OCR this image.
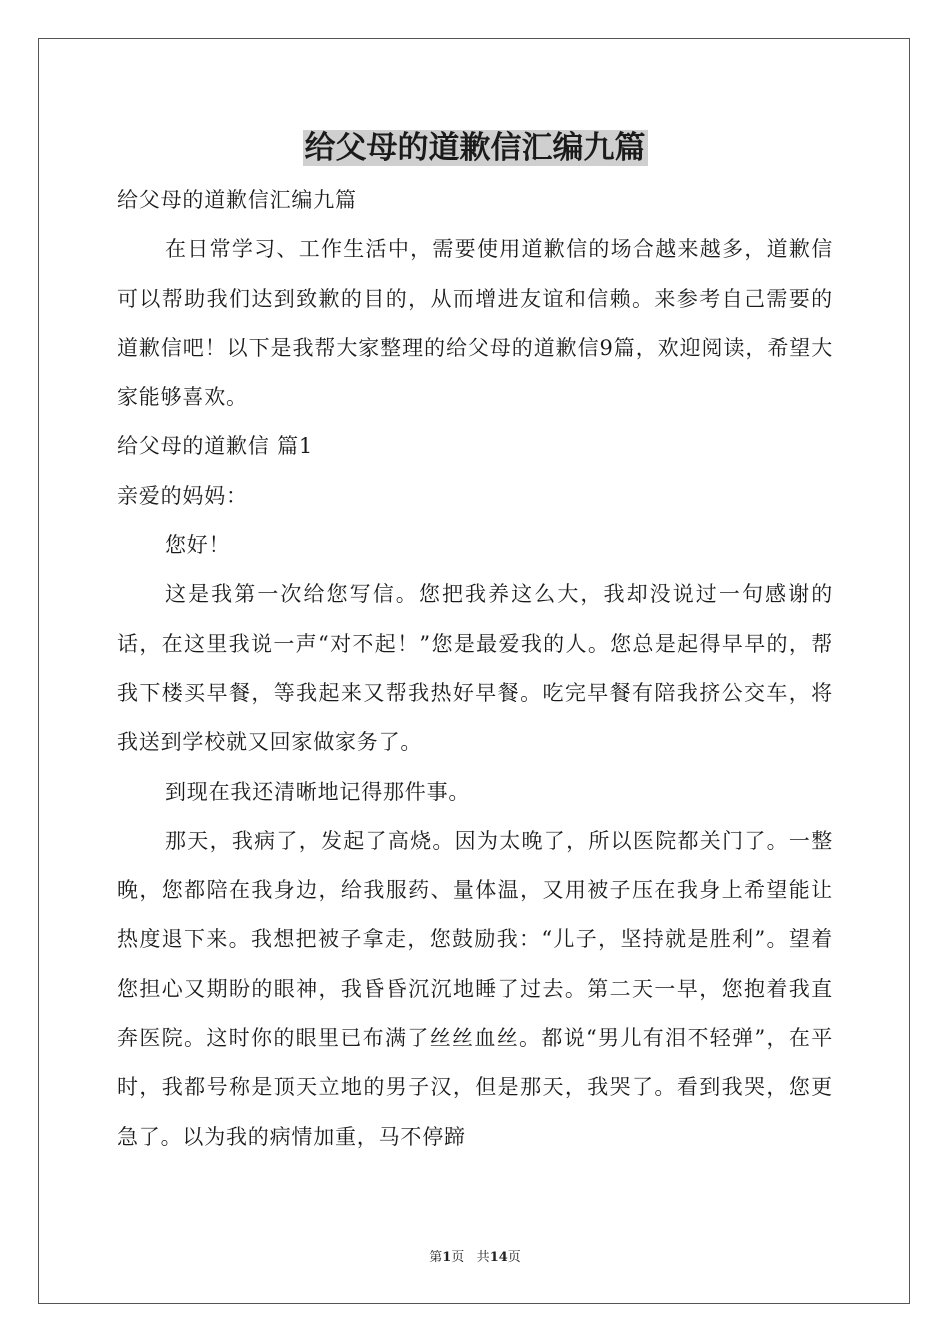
给父母的道歉信汇编九篇

给父母的道歉信汇编九篇

在日常学习、工作生活中，需要使用道歉信的场合越来越多，道歉信可以帮助我们达到致歉的目的，从而增进友谊和信赖。来参考自己需要的道歉信吧！以下是我帮大家整理的给父母的道歉信9篇，欢迎阅读，希望大家能够喜欢。

给父母的道歉信 篇1

亲爱的妈妈：

您好！

这是我第一次给您写信。您把我养这么大，我却没说过一句感谢的话，在这里我说一声“对不起！”您是最爱我的人。您总是起得早早的，帮我下楼买早餐，等我起来又帮我热好早餐。吃完早餐有陪我挤公交车，将我送到学校就又回家做家务了。

到现在我还清晰地记得那件事。

那天，我病了，发起了高烧。因为太晚了，所以医院都关门了。一整晚，您都陪在我身边，给我服药、量体温，又用被子压在我身上希望能让热度退下来。我想把被子拿走，您鼓励我：“儿子，坚持就是胜利”。望着您担心又期盼的眼神，我昏昏沉沉地睡了过去。第二天一早，您抱着我直奔医院。这时你的眼里已布满了丝丝血丝。都说“男儿有泪不轻弹”，在平时，我都号称是顶天立地的男子汉，但是那天，我哭了。看到我哭，您更急了。以为我的病情加重，马不停蹄

第1页 共14页
